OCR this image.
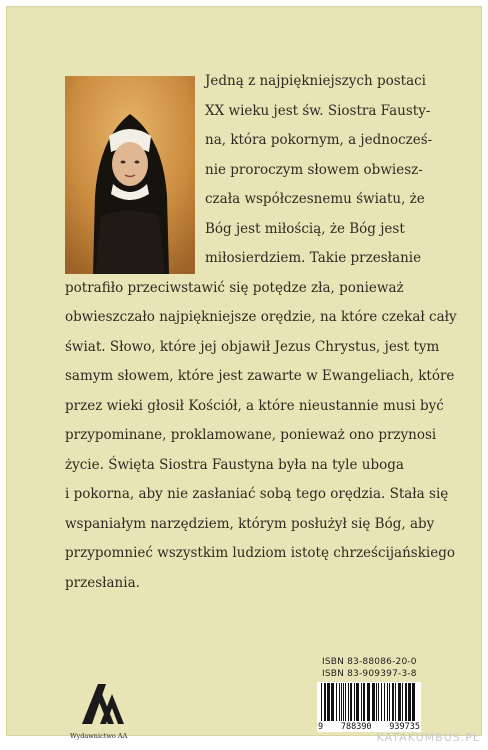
Jedną z najpiękniejszych postaci
XX wieku jest św. Siostra Fausty-
na, która pokornym, a jednocześ-
nie proroczym słowem obwiesz-
czała współczesnemu światu, że
Bóg jest miłością, że Bóg jest
miłosierdziem. Takie przesłanie
potrafiło przeciwstawić się potędze zła, ponieważ
obwieszczało najpiękniejsze orędzie, na które czekał cały
świat. Słowo, które jej objawił Jezus Chrystus, jest tym
samym słowem, które jest zawarte w Ewangeliach, które
przez wieki głosił Kościół, a które nieustannie musi być
przypominane, proklamowane, ponieważ ono przynosi
życie. Święta Siostra Faustyna była na tyle uboga
i pokorna, aby nie zasłaniać sobą tego orędzia. Stała się
wspaniałym narzędziem, którym posłużył się Bóg, aby
przypomnieć wszystkim ludziom istotę chrześcijańskiego
przesłania.
Wydawnictwo AA
ISBN 83-88086-20-0
ISBN 83-909397-3-8
9 788390 939735
KATAKUMBUS.PL
